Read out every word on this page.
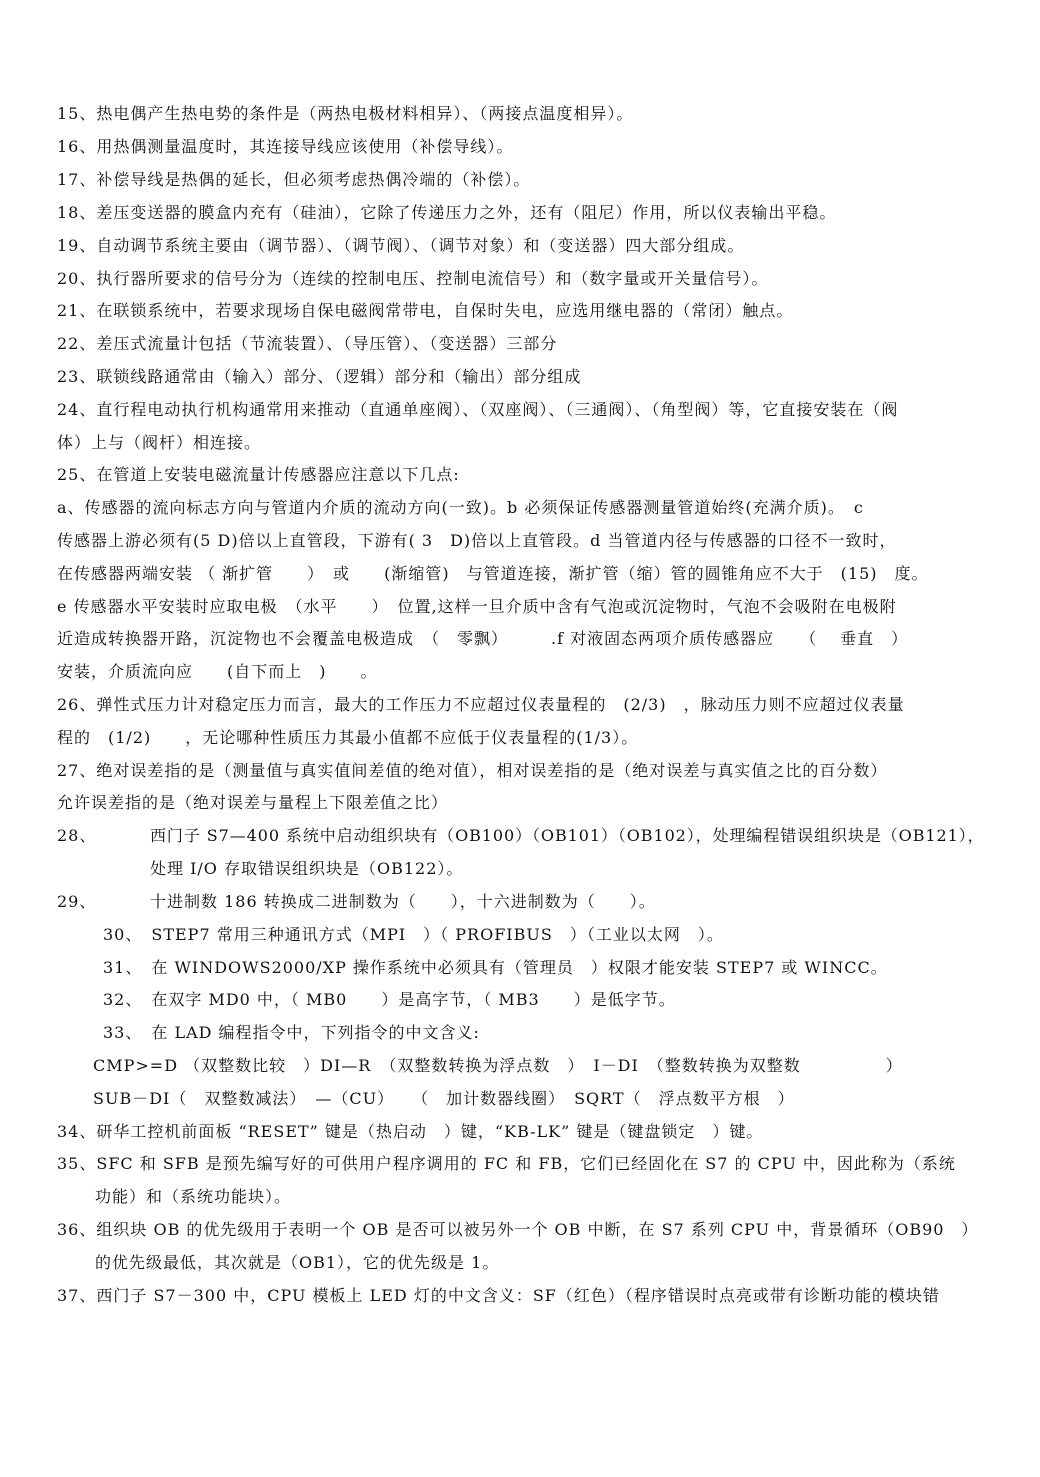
15、热电偶产生热电势的条件是（两热电极材料相异）、（两接点温度相异）。
16、用热偶测量温度时，其连接导线应该使用（补偿导线）。
17、补偿导线是热偶的延长，但必须考虑热偶冷端的（补偿）。
18、差压变送器的膜盒内充有（硅油），它除了传递压力之外，还有（阻尼）作用，所以仪表输出平稳。
19、自动调节系统主要由（调节器）、（调节阀）、（调节对象）和（变送器）四大部分组成。
20、执行器所要求的信号分为（连续的控制电压、控制电流信号）和（数字量或开关量信号）。
21、在联锁系统中，若要求现场自保电磁阀常带电，自保时失电，应选用继电器的（常闭）触点。
22、差压式流量计包括（节流装置）、（导压管）、（变送器）三部分
23、联锁线路通常由（输入）部分、（逻辑）部分和（输出）部分组成
24、直行程电动执行机构通常用来推动（直通单座阀）、（双座阀）、（三通阀）、（角型阀）等，它直接安装在（阀
体）上与（阀杆）相连接。
25、在管道上安装电磁流量计传感器应注意以下几点:
a、传感器的流向标志方向与管道内介质的流动方向(一致)。b 必须保证传感器测量管道始终(充满介质)。　c
传感器上游必须有(5 D)倍以上直管段，下游有( 3　D)倍以上直管段。d 当管道内径与传感器的口径不一致时，
在传感器两端安装 （ 渐扩管　　）　或　　(渐缩管)　与管道连接，渐扩管（缩）管的圆锥角应不大于　(15)　度。
e 传感器水平安装时应取电极　（水平　　）　位置,这样一旦介质中含有气泡或沉淀物时，气泡不会吸附在电极附
近造成转换器开路，沉淀物也不会覆盖电极造成　（　零飘）　　　.f 对液固态两项介质传感器应　　（　 垂直　）
安装，介质流向应　　(自下而上　)　　。
26、弹性式压力计对稳定压力而言，最大的工作压力不应超过仪表量程的　(2/3)　，脉动压力则不应超过仪表量
程的　(1/2)　　，无论哪种性质压力其最小值都不应低于仪表量程的(1/3）。
27、绝对误差指的是（测量值与真实值间差值的绝对值），相对误差指的是（绝对误差与真实值之比的百分数）
允许误差指的是（绝对误差与量程上下限差值之比）
28、	西门子 S7—400 系统中启动组织块有（OB100）（OB101）（OB102），处理编程错误组织块是（OB121），
处理 I/O 存取错误组织块是（OB122）。
29、	十进制数 186 转换成二进制数为（　　），十六进制数为（　　）。
30、　STEP7 常用三种通讯方式（MPI　）（ PROFIBUS　）（工业以太网　）。
31、　在 WINDOWS2000/XP 操作系统中必须具有（管理员　）权限才能安装 STEP7 或 WINCC。
32、　在双字 MD0 中，（ MB0　　）是高字节，（ MB3　　）是低字节。
33、　在 LAD 编程指令中，下列指令的中文含义:
CMP>=D （双整数比较　）DI—R　（双整数转换为浮点数　）　I－DI　（整数转换为双整数　　　　　）
SUB－DI（　双整数减法）　—（CU）　　（　加计数器线圈）　SQRT（　浮点数平方根　）
34、研华工控机前面板 “RESET” 键是（热启动　）键，“KB-LK” 键是（键盘锁定　）键。
35、SFC 和 SFB 是预先编写好的可供用户程序调用的 FC 和 FB，它们已经固化在 S7 的 CPU 中，因此称为（系统
功能）和（系统功能块）。
36、组织块 OB 的优先级用于表明一个 OB 是否可以被另外一个 OB 中断，在 S7 系列 CPU 中，背景循环（OB90　）
的优先级最低，其次就是（OB1），它的优先级是 1。
37、西门子 S7－300 中，CPU 模板上 LED 灯的中文含义：SF（红色）（程序错误时点亮或带有诊断功能的模块错
